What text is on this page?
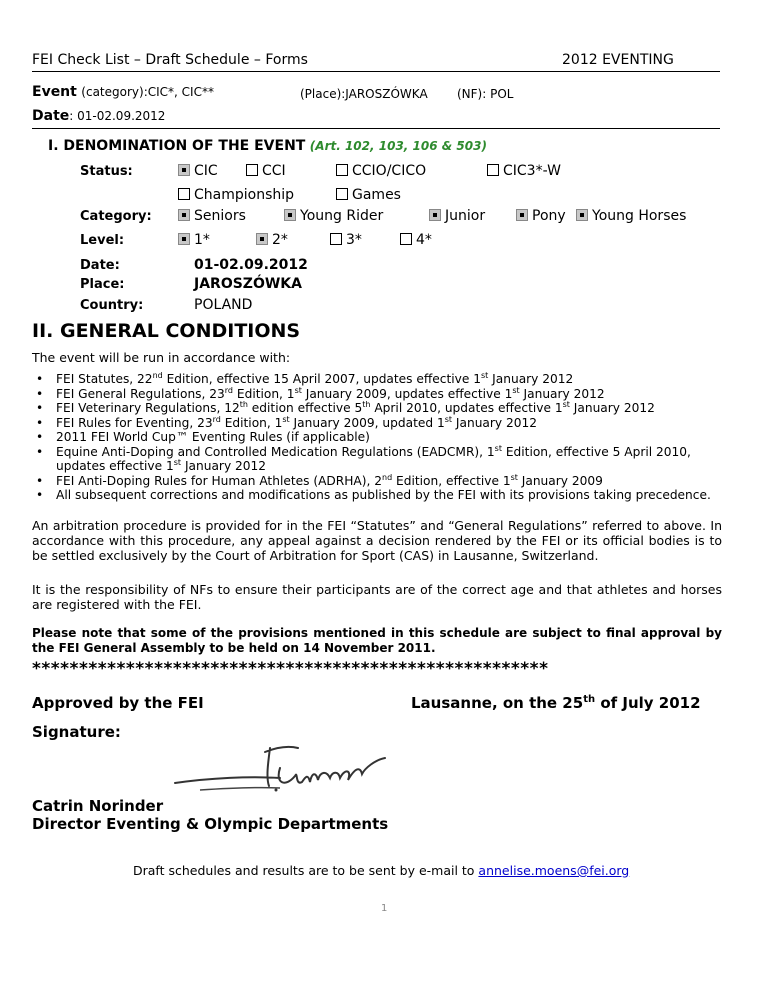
FEI Check List – Draft Schedule – Forms	2012 EVENTING
Event (category):CIC*, CIC**	(Place):JAROSZÓWKA (NF): POL
Date: 01-02.09.2012
I. DENOMINATION OF THE EVENT (Art. 102, 103, 106 & 503)
Status:	CIC	CCI	CCIO/CICO	CIC3*-W
Championship	Games
Category:	Seniors	Young Rider	Junior	Pony	Young Horses
Level:	1*	2*	3*	4*
Date:	01-02.09.2012
Place:	JAROSZÓWKA
Country:	POLAND
II. GENERAL CONDITIONS
The event will be run in accordance with:
• FEI Statutes, 22nd Edition, effective 15 April 2007, updates effective 1st January 2012
• FEI General Regulations, 23rd Edition, 1st January 2009, updates effective 1st January 2012
• FEI Veterinary Regulations, 12th edition effective 5th April 2010, updates effective 1st January 2012
• FEI Rules for Eventing, 23rd Edition, 1st January 2009, updated 1st January 2012
• 2011 FEI World Cup™ Eventing Rules (if applicable)
• Equine Anti-Doping and Controlled Medication Regulations (EADCMR), 1st Edition, effective 5 April 2010, updates effective 1st January 2012
• FEI Anti-Doping Rules for Human Athletes (ADRHA), 2nd Edition, effective 1st January 2009
• All subsequent corrections and modifications as published by the FEI with its provisions taking precedence.

An arbitration procedure is provided for in the FEI “Statutes” and “General Regulations” referred to above. In accordance with this procedure, any appeal against a decision rendered by the FEI or its official bodies is to be settled exclusively by the Court of Arbitration for Sport (CAS) in Lausanne, Switzerland.

It is the responsibility of NFs to ensure their participants are of the correct age and that athletes and horses are registered with the FEI.

Please note that some of the provisions mentioned in this schedule are subject to final approval by the FEI General Assembly to be held on 14 November 2011.

*******************************************************
Approved by the FEI	Lausanne, on the 25th of July 2012
Signature:
Catrin Norinder
Director Eventing & Olympic Departments
Draft schedules and results are to be sent by e-mail to annelise.moens@fei.org
1
